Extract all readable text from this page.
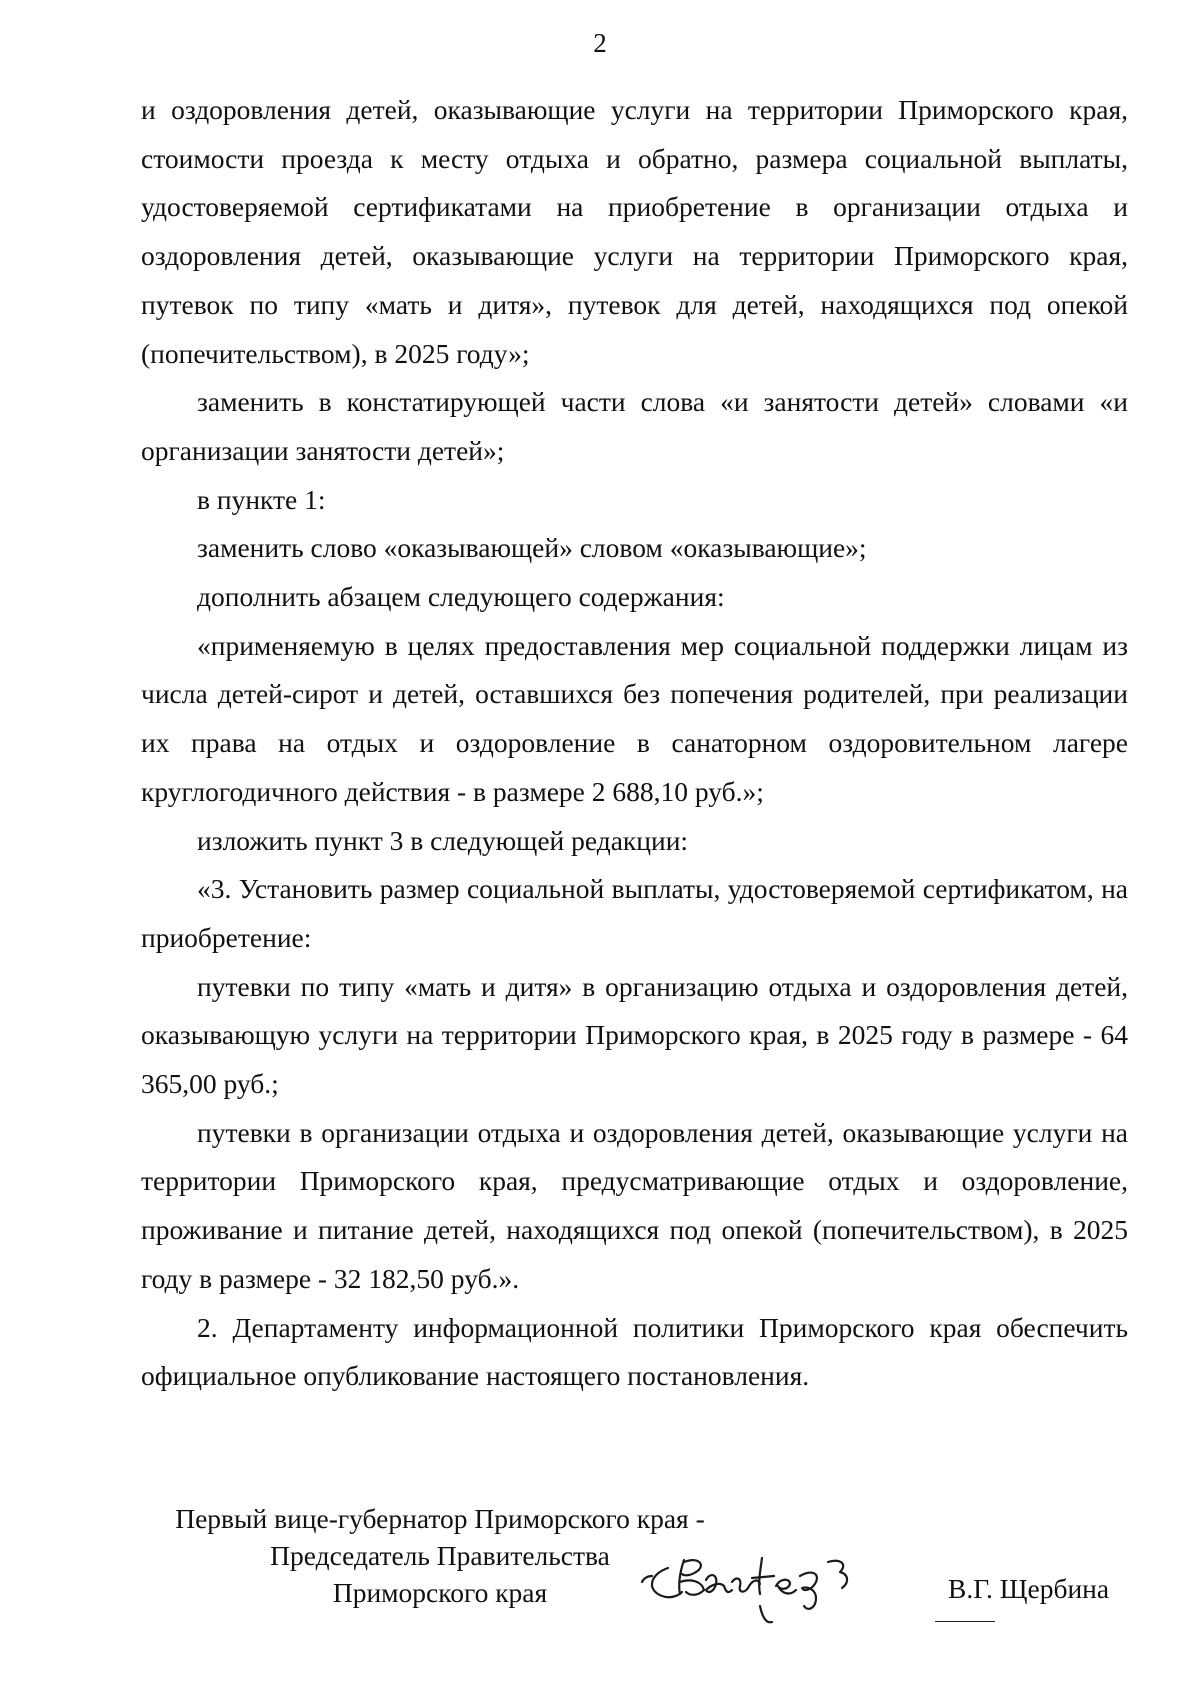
2

и оздоровления детей, оказывающие услуги на территории Приморского края, стоимости проезда к месту отдыха и обратно, размера социальной выплаты, удостоверяемой сертификатами на приобретение в организации отдыха и оздоровления детей, оказывающие услуги на территории Приморского края, путевок по типу «мать и дитя», путевок для детей, находящихся под опекой (попечительством), в 2025 году»;

заменить в констатирующей части слова «и занятости детей» словами «и организации занятости детей»;

в пункте 1:

заменить слово «оказывающей» словом «оказывающие»;

дополнить абзацем следующего содержания:

«применяемую в целях предоставления мер социальной поддержки лицам из числа детей-сирот и детей, оставшихся без попечения родителей, при реализации их права на отдых и оздоровление в санаторном оздоровительном лагере круглогодичного действия - в размере 2 688,10 руб.»;

изложить пункт 3 в следующей редакции:

«3. Установить размер социальной выплаты, удостоверяемой сертификатом, на приобретение:

путевки по типу «мать и дитя» в организацию отдыха и оздоровления детей, оказывающую услуги на территории Приморского края, в 2025 году в размере - 64 365,00 руб.;

путевки в организации отдыха и оздоровления детей, оказывающие услуги на территории Приморского края, предусматривающие отдых и оздоровление, проживание и питание детей, находящихся под опекой (попечительством), в 2025 году в размере - 32 182,50 руб.».

2. Департаменту информационной политики Приморского края обеспечить официальное опубликование настоящего постановления.

Первый вице-губернатор Приморского края -
Председатель Правительства
Приморского края	В.Г. Щербина
